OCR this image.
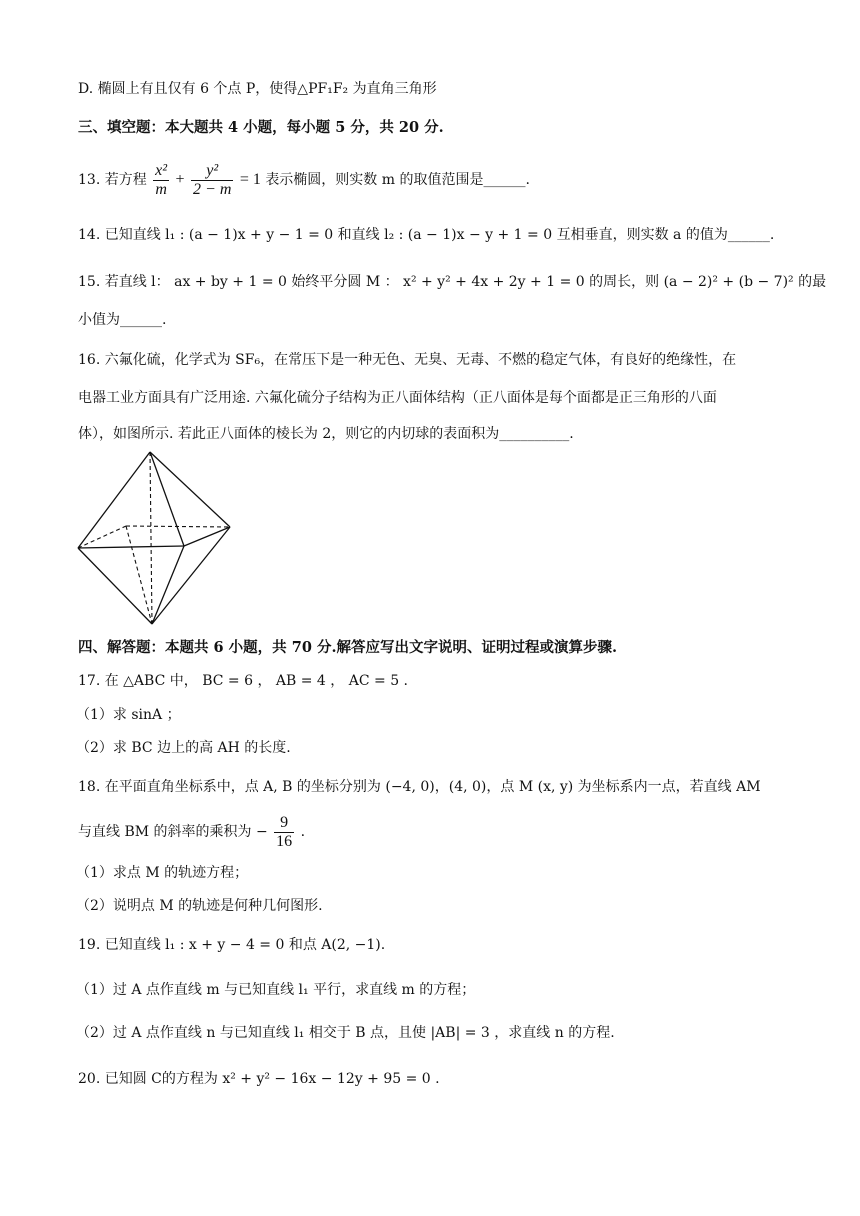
D. 椭圆上有且仅有 6 个点 P，使得△PF₁F₂ 为直角三角形
三、填空题：本大题共 4 小题，每小题 5 分，共 20 分.
13. 若方程 $\frac{\text{x²}}{m} + \frac{\text{y²}}{2 - m} = 1$ 表示椭圆，则实数 m 的取值范围是______.
14. 已知直线 l₁ : (a − 1)x + y − 1 = 0 和直线 l₂ : (a − 1)x − y + 1 = 0 互相垂直，则实数 a 的值为______.
15. 若直线 l： ax + by + 1 = 0 始终平分圆 M ： x² + y² + 4x + 2y + 1 = 0 的周长，则 (a − 2)² + (b − 7)² 的最
小值为______.
16. 六氟化硫，化学式为 SF₆，在常压下是一种无色、无臭、无毒、不燃的稳定气体，有良好的绝缘性，在
电器工业方面具有广泛用途. 六氟化硫分子结构为正八面体结构（正八面体是每个面都是正三角形的八面
体），如图所示. 若此正八面体的棱长为 2，则它的内切球的表面积为__________.
四、解答题：本题共 6 小题，共 70 分.解答应写出文字说明、证明过程或演算步骤.
17. 在 △ABC 中， BC = 6 ， AB = 4 ， AC = 5 .
（1）求 sinA ；
（2）求 BC 边上的高 AH 的长度.
18. 在平面直角坐标系中，点 A, B 的坐标分别为 (−4, 0)，(4, 0)，点 M (x, y) 为坐标系内一点，若直线 AM
与直线 BM 的斜率的乘积为 − $\frac{9}{16}$ .
（1）求点 M 的轨迹方程；
（2）说明点 M 的轨迹是何种几何图形.
19. 已知直线 l₁ : x + y − 4 = 0 和点 A(2, −1).
（1）过 A 点作直线 m 与已知直线 l₁ 平行，求直线 m 的方程；
（2）过 A 点作直线 n 与已知直线 l₁ 相交于 B 点，且使 |AB| = 3 ，求直线 n 的方程.
20. 已知圆 C的方程为 x² + y² − 16x − 12y + 95 = 0 .
